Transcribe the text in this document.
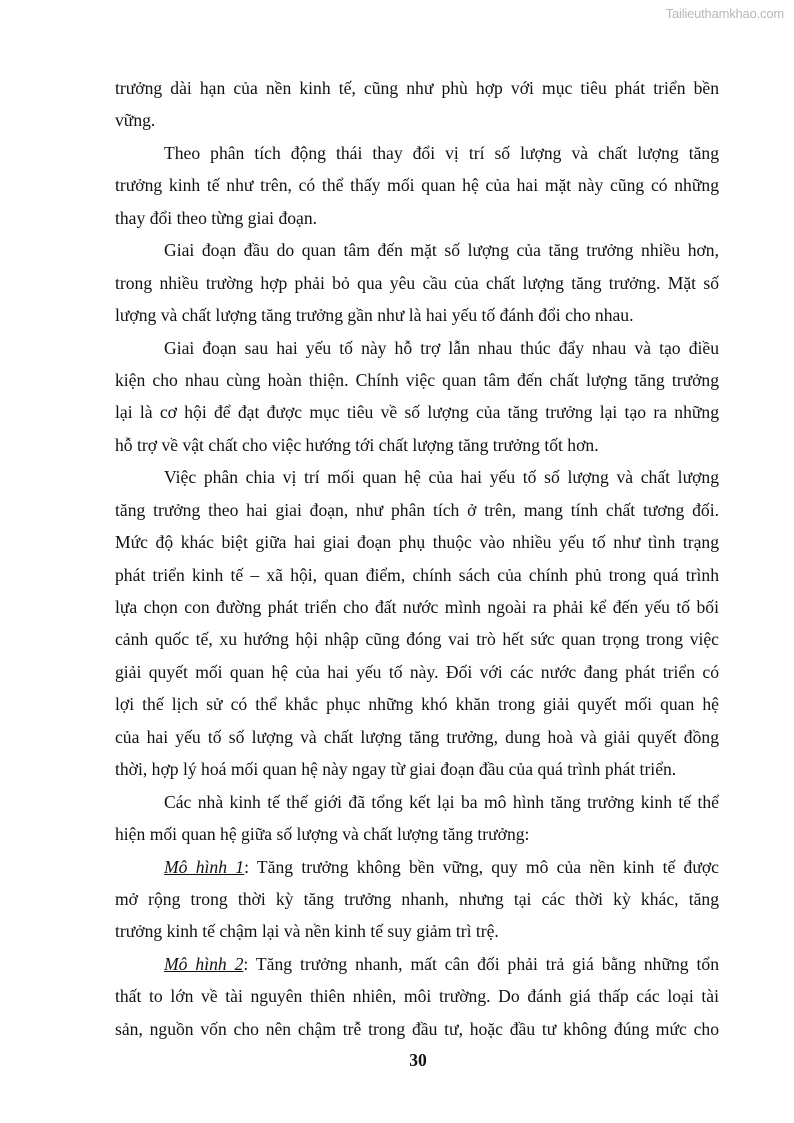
Tailieuthamkhao.com
trưởng dài hạn của nền kinh tế, cũng như phù hợp với mục tiêu phát triển bền
vững.
Theo phân tích động thái thay đổi vị trí số lượng và chất lượng tăng
trưởng kinh tế như trên, có thể thấy mối quan hệ của hai mặt này cũng có những
thay đổi theo từng giai đoạn.
Giai đoạn đầu do quan tâm đến mặt số lượng của tăng trưởng nhiều hơn,
trong nhiều trường hợp phải bỏ qua yêu cầu của chất lượng tăng trưởng. Mặt số
lượng và chất lượng tăng trưởng gần như là hai yếu tố đánh đổi cho nhau.
Giai đoạn sau hai yếu tố này hỗ trợ lẫn nhau thúc đẩy nhau và tạo điều
kiện cho nhau cùng hoàn thiện. Chính việc quan tâm đến chất lượng tăng trưởng
lại là cơ hội để đạt được mục tiêu về số lượng của tăng trưởng lại tạo ra những
hỗ trợ về vật chất cho việc hướng tới chất lượng tăng trưởng tốt hơn.
Việc phân chia vị trí mối quan hệ của hai yếu tố số lượng và chất lượng
tăng trưởng theo hai giai đoạn, như phân tích ở trên, mang tính chất tương đối.
Mức độ khác biệt giữa hai giai đoạn phụ thuộc vào nhiều yếu tố như tình trạng
phát triển kinh tế – xã hội, quan điểm, chính sách của chính phủ trong quá trình
lựa chọn con đường phát triển cho đất nước mình ngoài ra phải kể đến yếu tố bối
cảnh quốc tế, xu hướng hội nhập cũng đóng vai trò hết sức quan trọng trong việc
giải quyết mối quan hệ của hai yếu tố này. Đối với các nước đang phát triển có
lợi thế lịch sử có thể khắc phục những khó khăn trong giải quyết mối quan hệ
của hai yếu tố số lượng và chất lượng tăng trưởng, dung hoà và giải quyết đồng
thời, hợp lý hoá mối quan hệ này ngay từ giai đoạn đầu của quá trình phát triển.
Các nhà kinh tế thế giới đã tổng kết lại ba mô hình tăng trưởng kinh tế thể
hiện mối quan hệ giữa số lượng và chất lượng tăng trưởng:
Mô hình 1: Tăng trưởng không bền vững, quy mô của nền kinh tế được
mở rộng trong thời kỳ tăng trưởng nhanh, nhưng tại các thời kỳ khác, tăng
trưởng kinh tế chậm lại và nền kinh tế suy giảm trì trệ.
Mô hình 2: Tăng trưởng nhanh, mất cân đối phải trả giá bằng những tổn
thất to lớn về tài nguyên thiên nhiên, môi trường. Do đánh giá thấp các loại tài
sản, nguồn vốn cho nên chậm trễ trong đầu tư, hoặc đầu tư không đúng mức cho
30
